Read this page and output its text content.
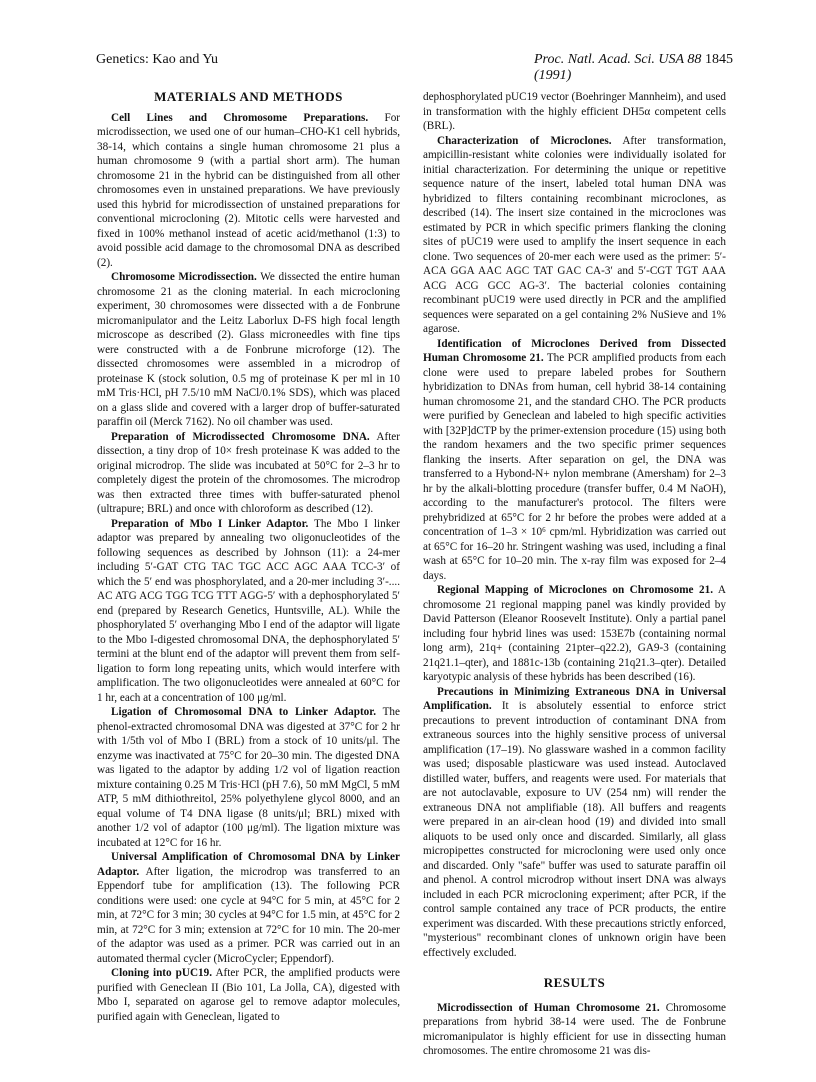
Genetics: Kao and Yu	Proc. Natl. Acad. Sci. USA 88 (1991)
1845
MATERIALS AND METHODS

Cell Lines and Chromosome Preparations. For microdissection, we used one of our human–CHO-K1 cell hybrids, 38-14, which contains a single human chromosome 21 plus a human chromosome 9 (with a partial short arm). The human chromosome 21 in the hybrid can be distinguished from all other chromosomes even in unstained preparations. We have previously used this hybrid for microdissection of unstained preparations for conventional microcloning (2). Mitotic cells were harvested and fixed in 100% methanol instead of acetic acid/methanol (1:3) to avoid possible acid damage to the chromosomal DNA as described (2).

Chromosome Microdissection. We dissected the entire human chromosome 21 as the cloning material. In each microcloning experiment, 30 chromosomes were dissected with a de Fonbrune micromanipulator and the Leitz Laborlux D-FS high focal length microscope as described (2). Glass microneedles with fine tips were constructed with a de Fonbrune microforge (12). The dissected chromosomes were assembled in a microdrop of proteinase K (stock solution, 0.5 mg of proteinase K per ml in 10 mM Tris·HCl, pH 7.5/10 mM NaCl/0.1% SDS), which was placed on a glass slide and covered with a larger drop of buffer-saturated paraffin oil (Merck 7162). No oil chamber was used.

Preparation of Microdissected Chromosome DNA. After dissection, a tiny drop of 10× fresh proteinase K was added to the original microdrop. The slide was incubated at 50°C for 2–3 hr to completely digest the protein of the chromosomes. The microdrop was then extracted three times with buffer-saturated phenol (ultrapure; BRL) and once with chloroform as described (12).

Preparation of Mbo I Linker Adaptor. The Mbo I linker adaptor was prepared by annealing two oligonucleotides of the following sequences as described by Johnson (11): a 24-mer including 5′-GAT CTG TAC TGC ACC AGC AAA TCC-3′ of which the 5′ end was phosphorylated, and a 20-mer including 3′-.... AC ATG ACG TGG TCG TTT AGG-5′ with a dephosphorylated 5′ end (prepared by Research Genetics, Huntsville, AL). While the phosphorylated 5′ overhanging Mbo I end of the adaptor will ligate to the Mbo I-digested chromosomal DNA, the dephosphorylated 5′ termini at the blunt end of the adaptor will prevent them from self-ligation to form long repeating units, which would interfere with amplification. The two oligonucleotides were annealed at 60°C for 1 hr, each at a concentration of 100 μg/ml.

Ligation of Chromosomal DNA to Linker Adaptor. The phenol-extracted chromosomal DNA was digested at 37°C for 2 hr with 1/5th vol of Mbo I (BRL) from a stock of 10 units/μl. The enzyme was inactivated at 75°C for 20–30 min. The digested DNA was ligated to the adaptor by adding 1/2 vol of ligation reaction mixture containing 0.25 M Tris·HCl (pH 7.6), 50 mM MgCl, 5 mM ATP, 5 mM dithiothreitol, 25% polyethylene glycol 8000, and an equal volume of T4 DNA ligase (8 units/μl; BRL) mixed with another 1/2 vol of adaptor (100 μg/ml). The ligation mixture was incubated at 12°C for 16 hr.

Universal Amplification of Chromosomal DNA by Linker Adaptor. After ligation, the microdrop was transferred to an Eppendorf tube for amplification (13). The following PCR conditions were used: one cycle at 94°C for 5 min, at 45°C for 2 min, at 72°C for 3 min; 30 cycles at 94°C for 1.5 min, at 45°C for 2 min, at 72°C for 3 min; extension at 72°C for 10 min. The 20-mer of the adaptor was used as a primer. PCR was carried out in an automated thermal cycler (MicroCycler; Eppendorf).

Cloning into pUC19. After PCR, the amplified products were purified with Geneclean II (Bio 101, La Jolla, CA), digested with Mbo I, separated on agarose gel to remove adaptor molecules, purified again with Geneclean, ligated to

dephosphorylated pUC19 vector (Boehringer Mannheim), and used in transformation with the highly efficient DH5α competent cells (BRL).

Characterization of Microclones. After transformation, ampicillin-resistant white colonies were individually isolated for initial characterization. For determining the unique or repetitive sequence nature of the insert, labeled total human DNA was hybridized to filters containing recombinant microclones, as described (14). The insert size contained in the microclones was estimated by PCR in which specific primers flanking the cloning sites of pUC19 were used to amplify the insert sequence in each clone. Two sequences of 20-mer each were used as the primer: 5′-ACA GGA AAC AGC TAT GAC CA-3′ and 5′-CGT TGT AAA ACG ACG GCC AG-3′. The bacterial colonies containing recombinant pUC19 were used directly in PCR and the amplified sequences were separated on a gel containing 2% NuSieve and 1% agarose.

Identification of Microclones Derived from Dissected Human Chromosome 21. The PCR amplified products from each clone were used to prepare labeled probes for Southern hybridization to DNAs from human, cell hybrid 38-14 containing human chromosome 21, and the standard CHO. The PCR products were purified by Geneclean and labeled to high specific activities with [32P]dCTP by the primer-extension procedure (15) using both the random hexamers and the two specific primer sequences flanking the inserts. After separation on gel, the DNA was transferred to a Hybond-N+ nylon membrane (Amersham) for 2–3 hr by the alkali-blotting procedure (transfer buffer, 0.4 M NaOH), according to the manufacturer's protocol. The filters were prehybridized at 65°C for 2 hr before the probes were added at a concentration of 1–3 × 10⁶ cpm/ml. Hybridization was carried out at 65°C for 16–20 hr. Stringent washing was used, including a final wash at 65°C for 10–20 min. The x-ray film was exposed for 2–4 days.

Regional Mapping of Microclones on Chromosome 21. A chromosome 21 regional mapping panel was kindly provided by David Patterson (Eleanor Roosevelt Institute). Only a partial panel including four hybrid lines was used: 153E7b (containing normal long arm), 21q+ (containing 21pter–q22.2), GA9-3 (containing 21q21.1–qter), and 1881c-13b (containing 21q21.3–qter). Detailed karyotypic analysis of these hybrids has been described (16).

Precautions in Minimizing Extraneous DNA in Universal Amplification. It is absolutely essential to enforce strict precautions to prevent introduction of contaminant DNA from extraneous sources into the highly sensitive process of universal amplification (17–19). No glassware washed in a common facility was used; disposable plasticware was used instead. Autoclaved distilled water, buffers, and reagents were used. For materials that are not autoclavable, exposure to UV (254 nm) will render the extraneous DNA not amplifiable (18). All buffers and reagents were prepared in an air-clean hood (19) and divided into small aliquots to be used only once and discarded. Similarly, all glass micropipettes constructed for microcloning were used only once and discarded. Only "safe" buffer was used to saturate paraffin oil and phenol. A control microdrop without insert DNA was always included in each PCR microcloning experiment; after PCR, if the control sample contained any trace of PCR products, the entire experiment was discarded. With these precautions strictly enforced, "mysterious" recombinant clones of unknown origin have been effectively excluded.

RESULTS

Microdissection of Human Chromosome 21. Chromosome preparations from hybrid 38-14 were used. The de Fonbrune micromanipulator is highly efficient for use in dissecting human chromosomes. The entire chromosome 21 was dis-
